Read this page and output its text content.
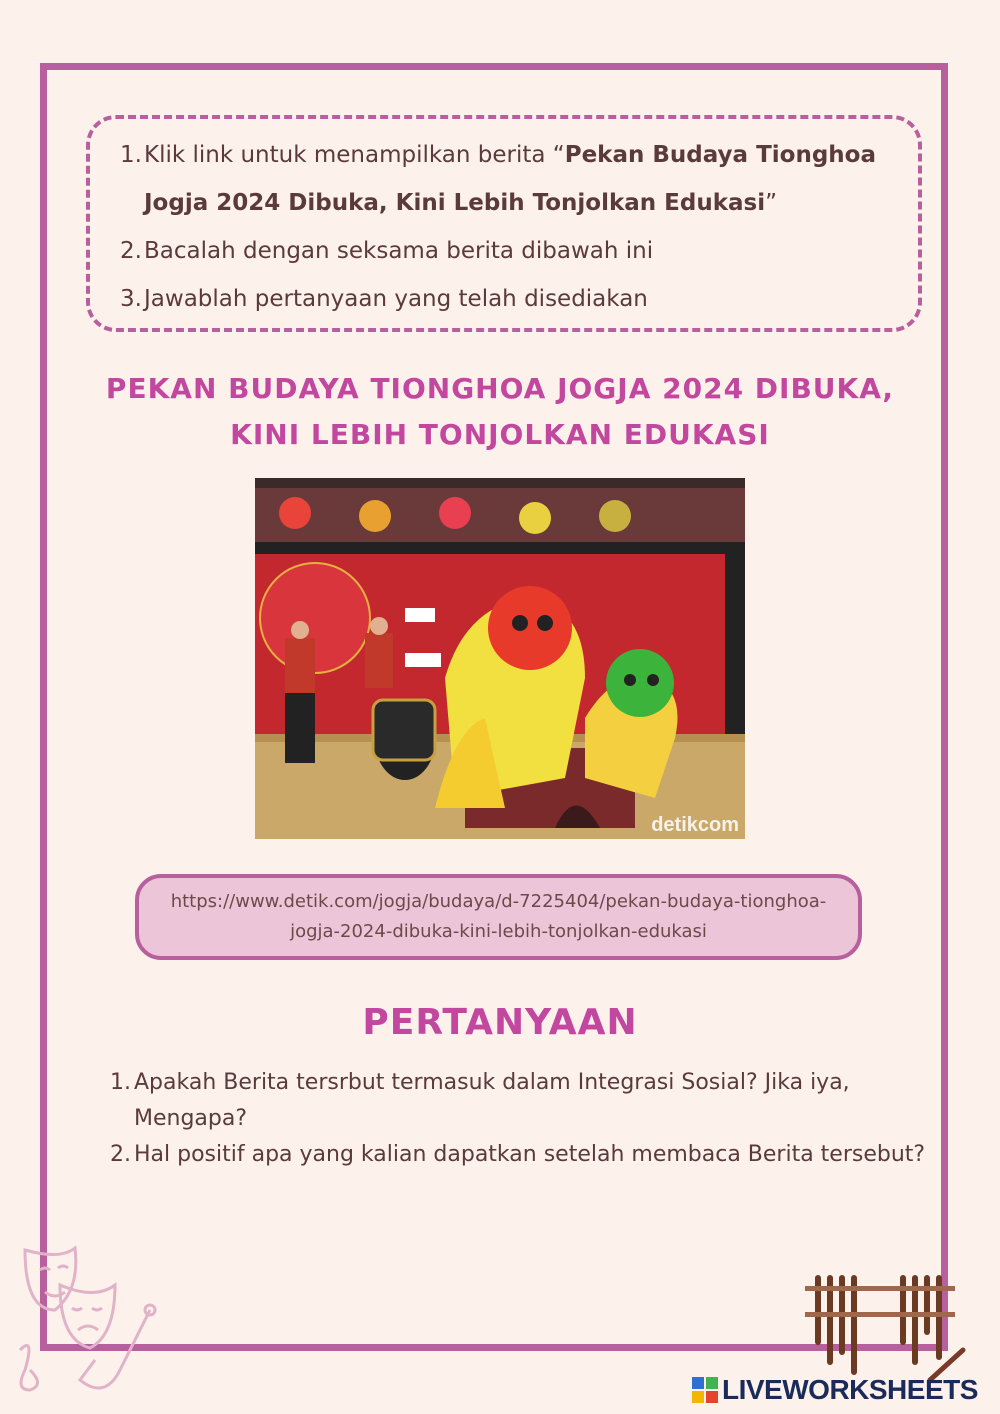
1. Klik link untuk menampilkan berita “Pekan Budaya Tionghoa Jogja 2024 Dibuka, Kini Lebih Tonjolkan Edukasi”
2. Bacalah dengan seksama berita dibawah ini
3. Jawablah pertanyaan yang telah disediakan
PEKAN BUDAYA TIONGHOA JOGJA 2024 DIBUKA,
KINI LEBIH TONJOLKAN EDUKASI
detikcom
https://www.detik.com/jogja/budaya/d-7225404/pekan-budaya-tionghoa-jogja-2024-dibuka-kini-lebih-tonjolkan-edukasi
PERTANYAAN
1. Apakah Berita tersrbut termasuk dalam Integrasi Sosial? Jika iya, Mengapa?
2. Hal positif apa yang kalian dapatkan setelah membaca Berita tersebut?
LIVEWORKSHEETS
